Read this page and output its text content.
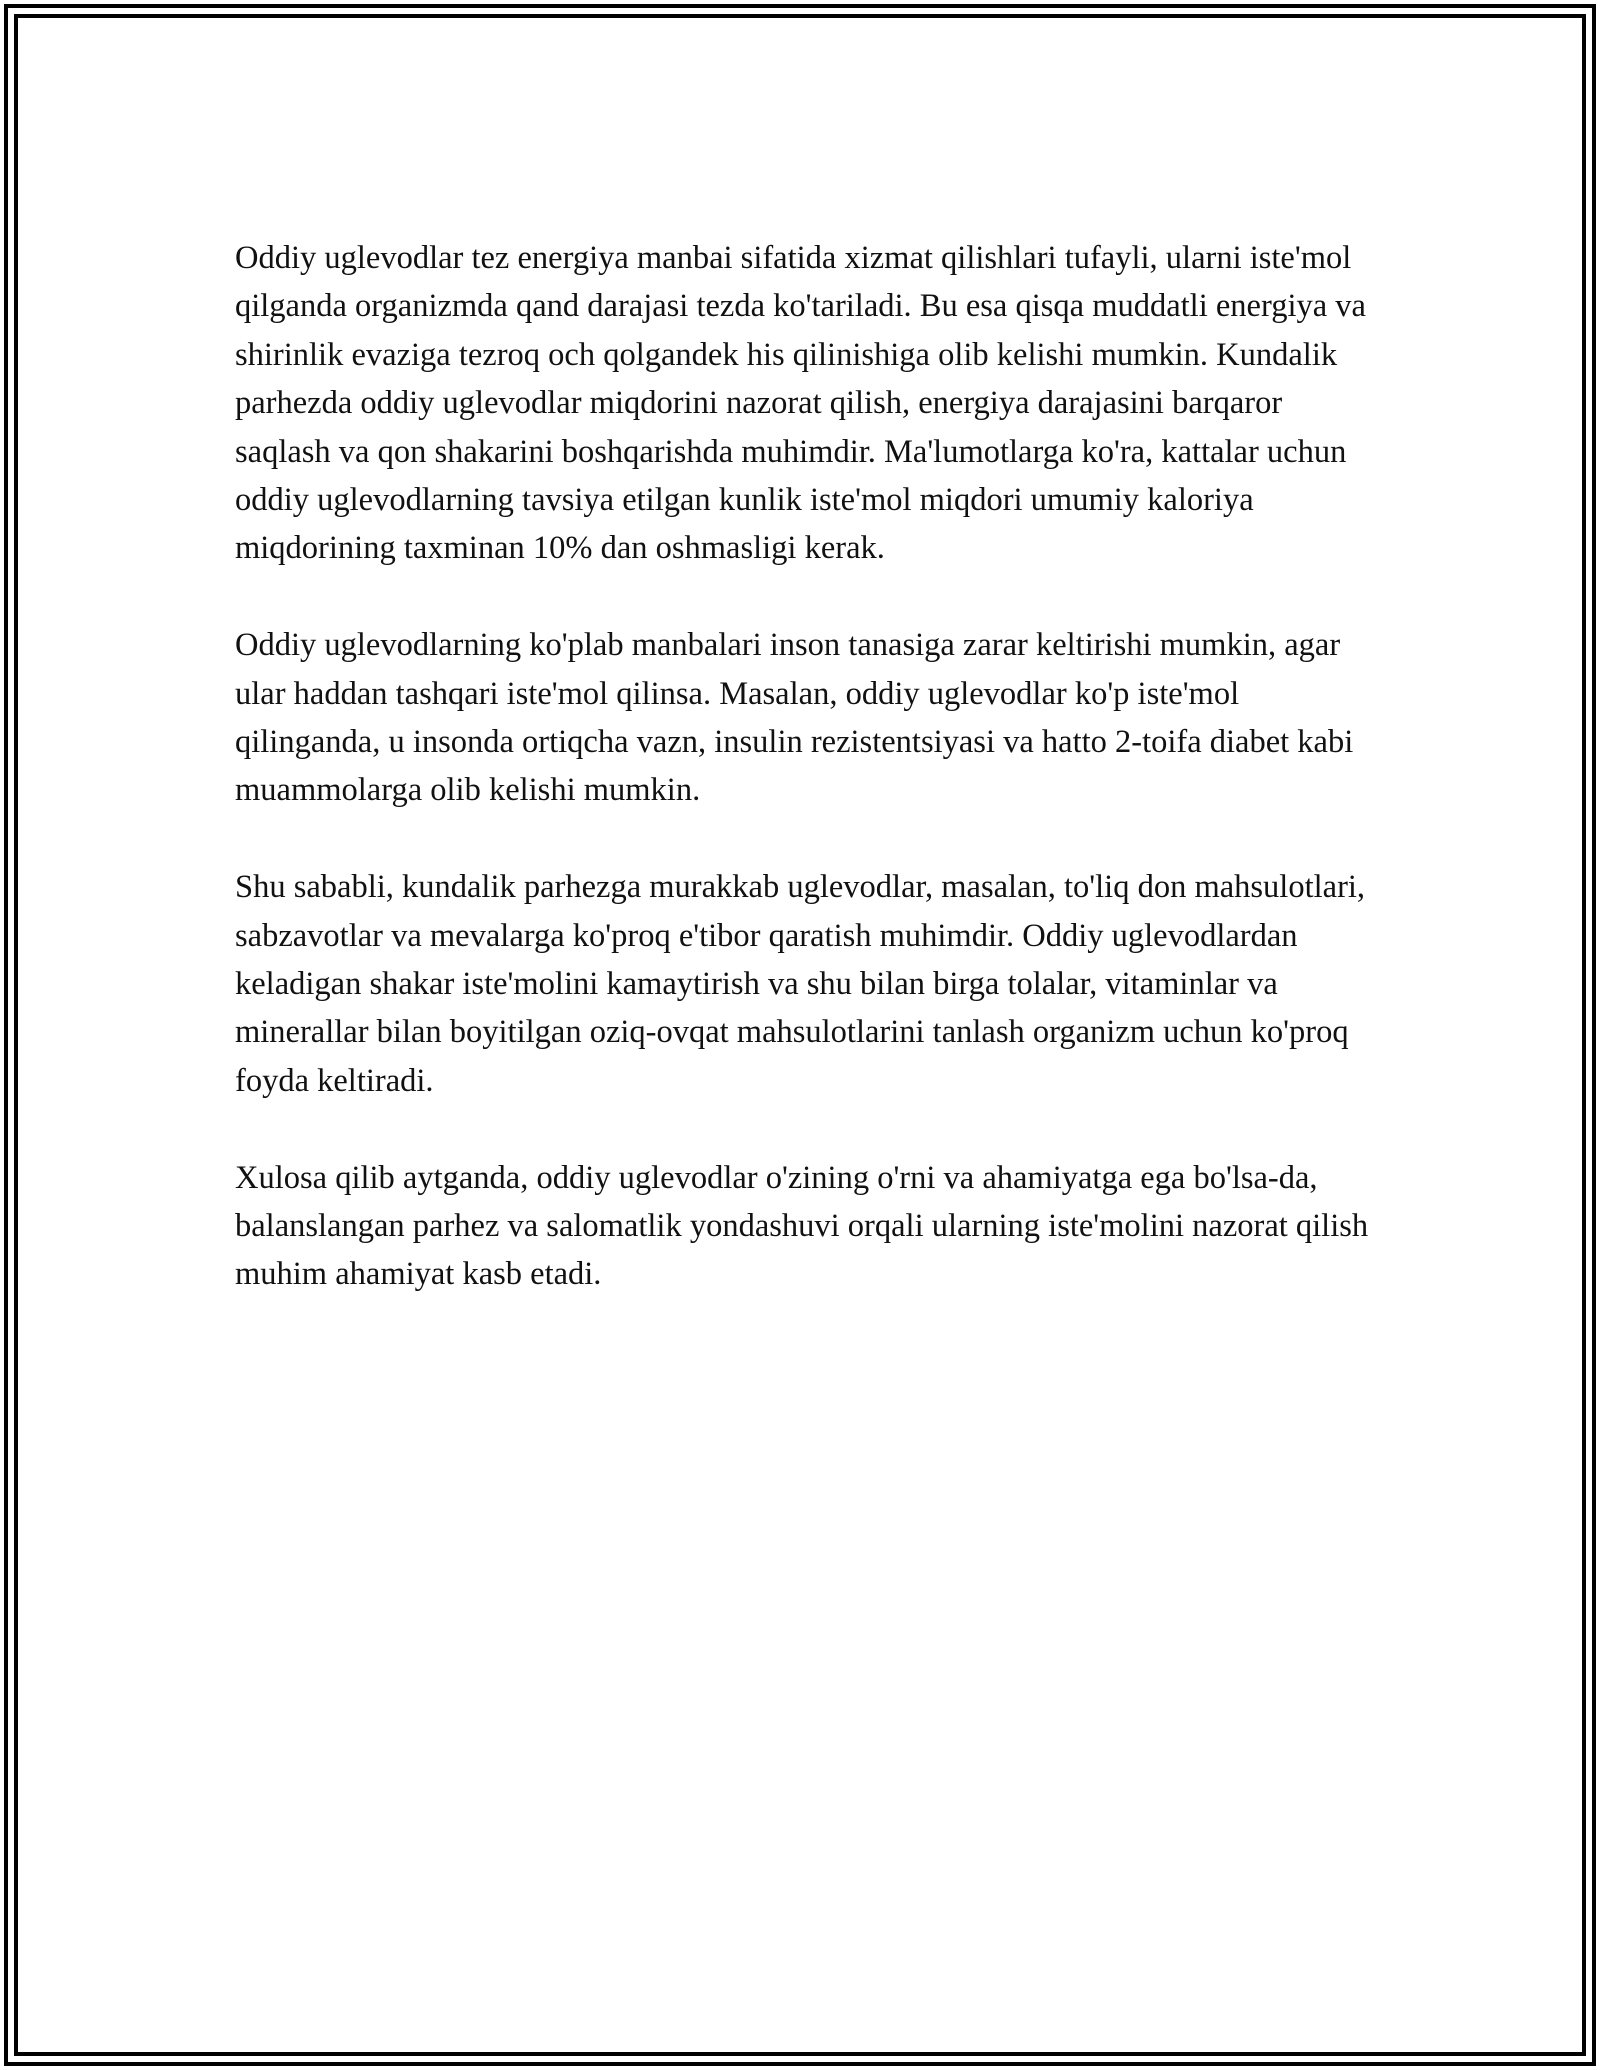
Oddiy uglevodlar tez energiya manbai sifatida xizmat qilishlari tufayli, ularni iste'mol qilganda organizmda qand darajasi tezda ko'tariladi. Bu esa qisqa muddatli energiya va shirinlik evaziga tezroq och qolgandek his qilinishiga olib kelishi mumkin. Kundalik parhezda oddiy uglevodlar miqdorini nazorat qilish, energiya darajasini barqaror saqlash va qon shakarini boshqarishda muhimdir. Ma'lumotlarga ko'ra, kattalar uchun oddiy uglevodlarning tavsiya etilgan kunlik iste'mol miqdori umumiy kaloriya miqdorining taxminan 10% dan oshmasligi kerak.

Oddiy uglevodlarning ko'plab manbalari inson tanasiga zarar keltirishi mumkin, agar ular haddan tashqari iste'mol qilinsa. Masalan, oddiy uglevodlar ko'p iste'mol qilinganda, u insonda ortiqcha vazn, insulin rezistentsiyasi va hatto 2-toifa diabet kabi muammolarga olib kelishi mumkin.

Shu sababli, kundalik parhezga murakkab uglevodlar, masalan, to'liq don mahsulotlari, sabzavotlar va mevalarga ko'proq e'tibor qaratish muhimdir. Oddiy uglevodlardan keladigan shakar iste'molini kamaytirish va shu bilan birga tolalar, vitaminlar va minerallar bilan boyitilgan oziq-ovqat mahsulotlarini tanlash organizm uchun ko'proq foyda keltiradi.

Xulosa qilib aytganda, oddiy uglevodlar o'zining o'rni va ahamiyatga ega bo'lsa-da, balanslangan parhez va salomatlik yondashuvi orqali ularning iste'molini nazorat qilish muhim ahamiyat kasb etadi.
